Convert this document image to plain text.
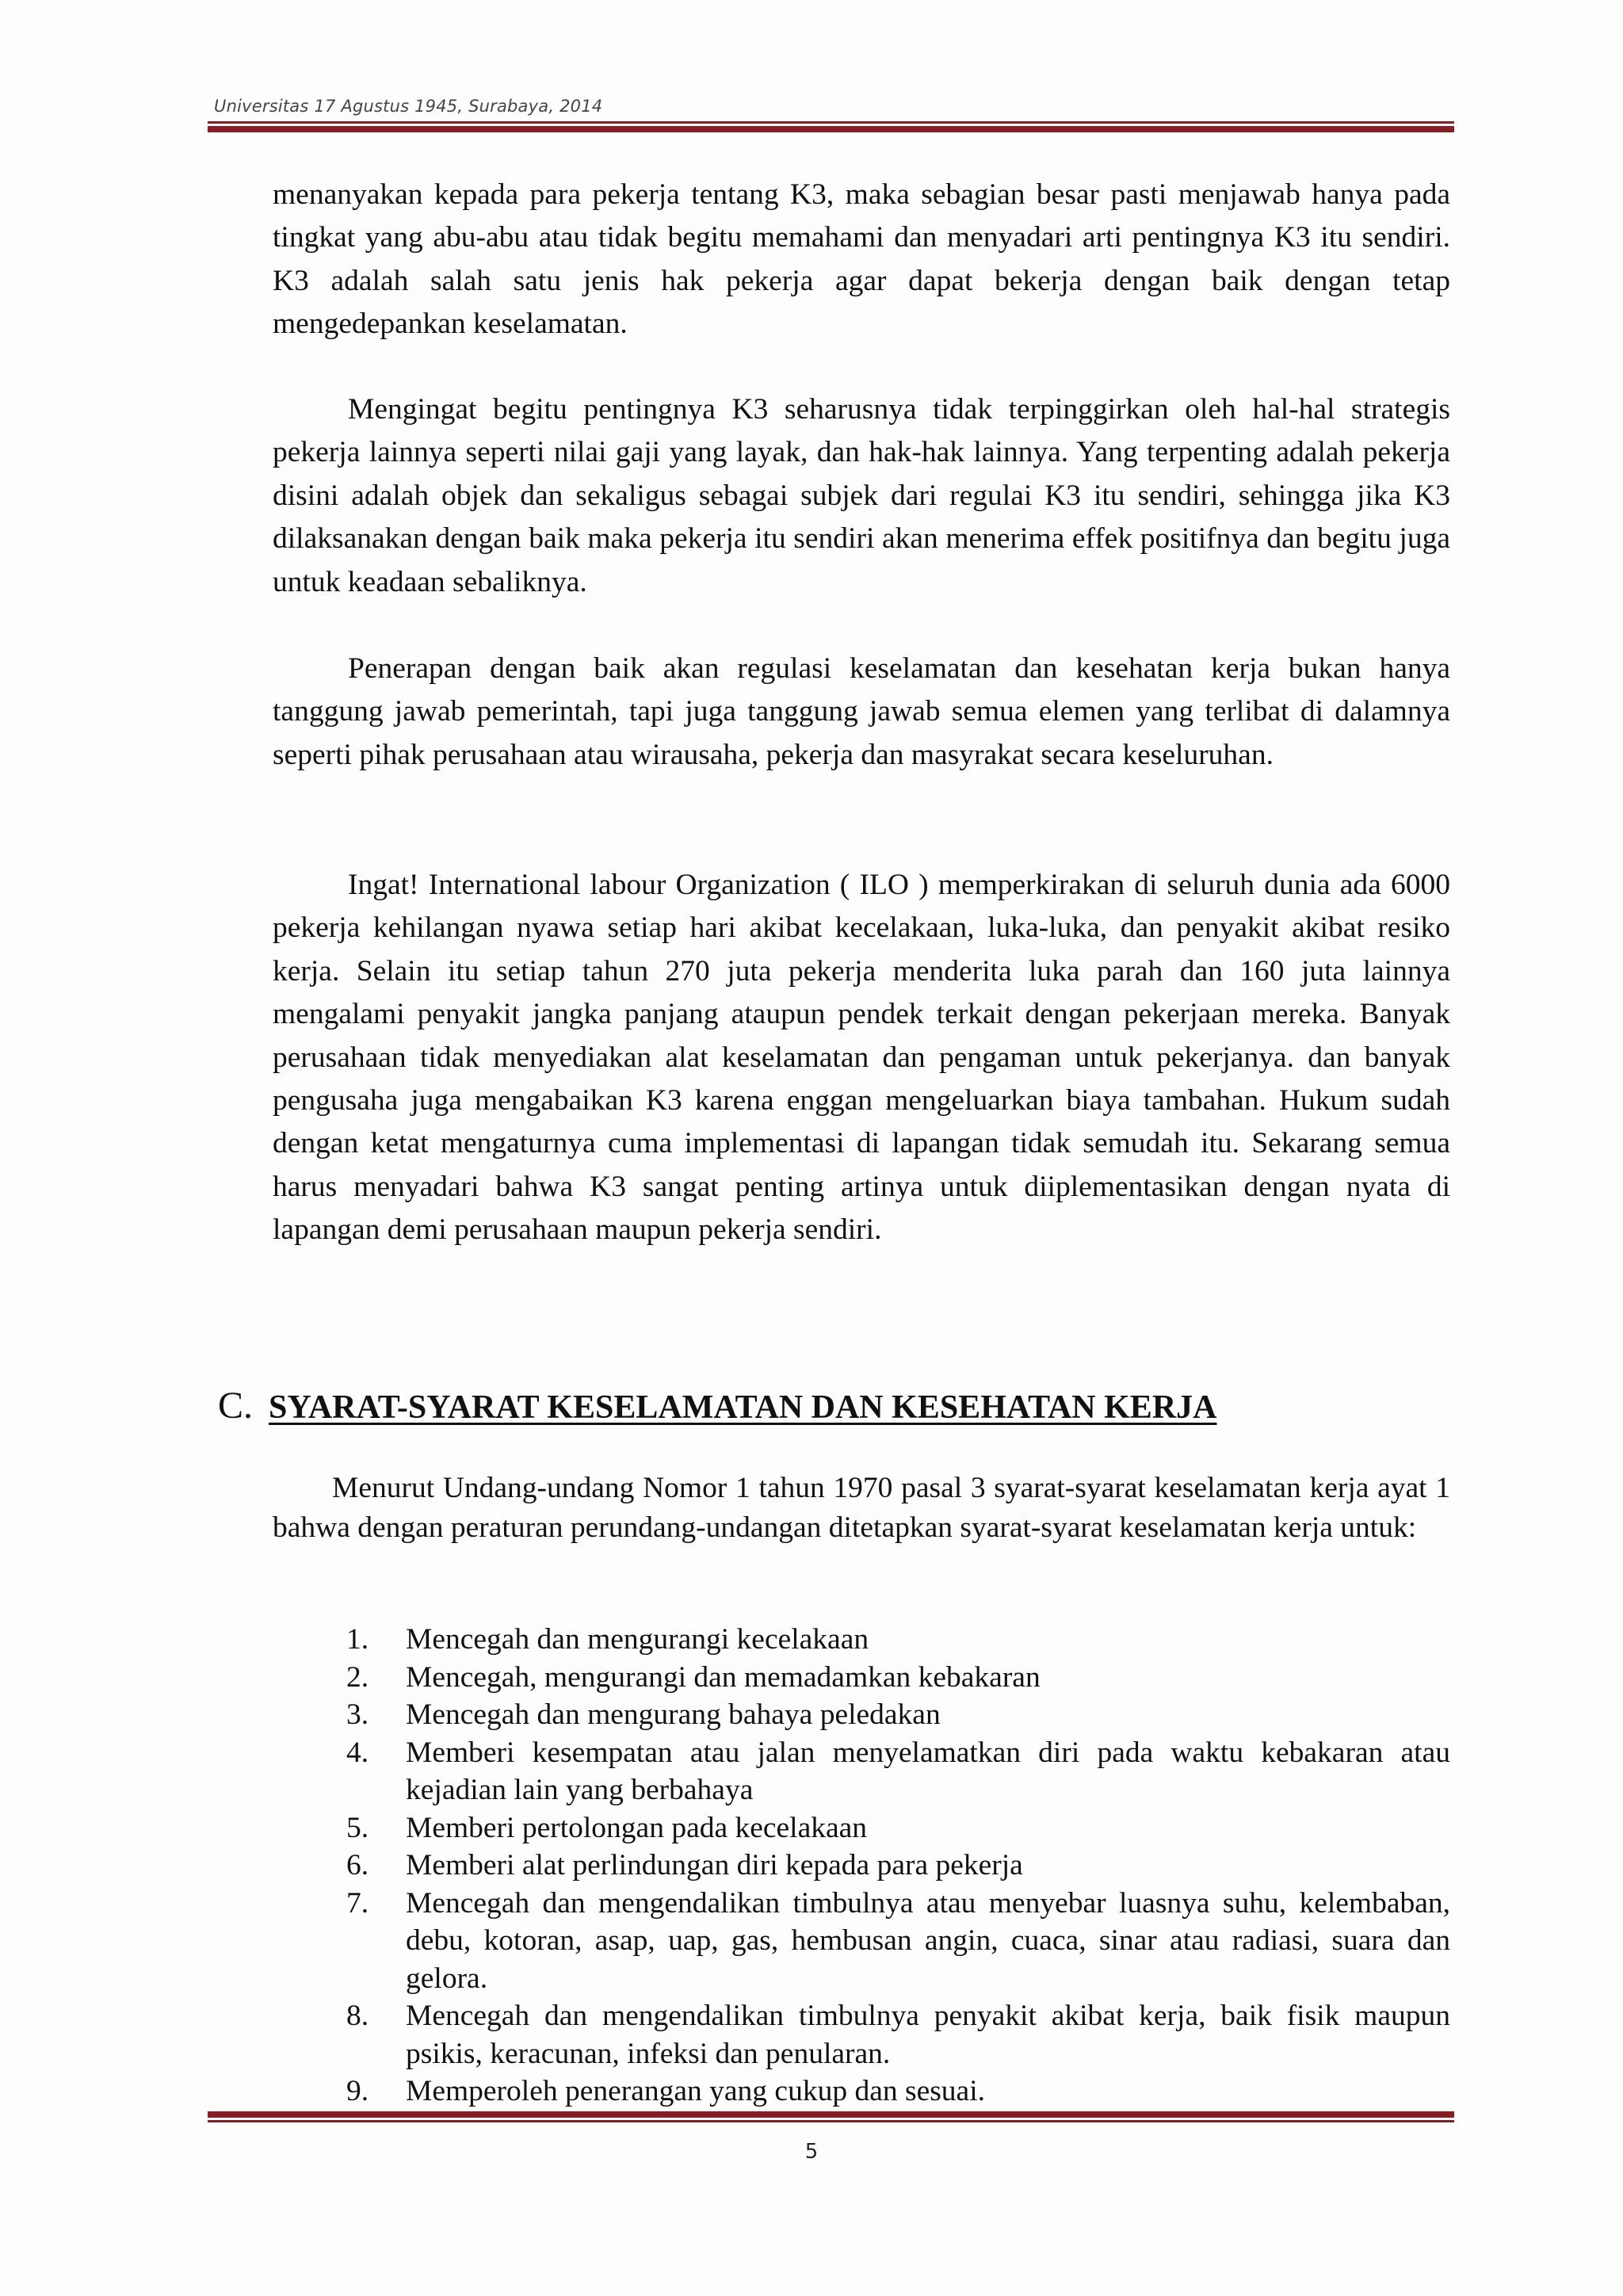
Universitas 17 Agustus 1945, Surabaya, 2014

menanyakan kepada para pekerja tentang K3, maka sebagian besar pasti menjawab hanya pada tingkat yang abu-abu atau tidak begitu memahami dan menyadari arti pentingnya K3 itu sendiri. K3 adalah salah satu jenis hak pekerja agar dapat bekerja dengan baik dengan tetap mengedepankan keselamatan.

Mengingat begitu pentingnya K3 seharusnya tidak terpinggirkan oleh hal-hal strategis pekerja lainnya seperti nilai gaji yang layak, dan hak-hak lainnya. Yang terpenting adalah pekerja disini adalah objek dan sekaligus sebagai subjek dari regulai K3 itu sendiri, sehingga jika K3 dilaksanakan dengan baik maka pekerja itu sendiri akan menerima effek positifnya dan begitu juga untuk keadaan sebaliknya.

Penerapan dengan baik akan regulasi keselamatan dan kesehatan kerja bukan hanya tanggung jawab pemerintah, tapi juga tanggung jawab semua elemen yang terlibat di dalamnya seperti pihak perusahaan atau wirausaha, pekerja dan masyrakat secara keseluruhan.

Ingat! International labour Organization ( ILO ) memperkirakan di seluruh dunia ada 6000 pekerja kehilangan nyawa setiap hari akibat kecelakaan, luka-luka, dan penyakit akibat resiko kerja. Selain itu setiap tahun 270 juta pekerja menderita luka parah dan 160 juta lainnya mengalami penyakit jangka panjang ataupun pendek terkait dengan pekerjaan mereka. Banyak perusahaan tidak menyediakan alat keselamatan dan pengaman untuk pekerjanya. dan banyak pengusaha juga mengabaikan K3 karena enggan mengeluarkan biaya tambahan. Hukum sudah dengan ketat mengaturnya cuma implementasi di lapangan tidak semudah itu. Sekarang semua harus menyadari bahwa K3 sangat penting artinya untuk diiplementasikan dengan nyata di lapangan demi perusahaan maupun pekerja sendiri.

C. SYARAT-SYARAT KESELAMATAN DAN KESEHATAN KERJA

Menurut Undang-undang Nomor 1 tahun 1970 pasal 3 syarat-syarat keselamatan kerja ayat 1 bahwa dengan peraturan perundang-undangan ditetapkan syarat-syarat keselamatan kerja untuk:

1. Mencegah dan mengurangi kecelakaan
2. Mencegah, mengurangi dan memadamkan kebakaran
3. Mencegah dan mengurang bahaya peledakan
4. Memberi kesempatan atau jalan menyelamatkan diri pada waktu kebakaran atau kejadian lain yang berbahaya
5. Memberi pertolongan pada kecelakaan
6. Memberi alat perlindungan diri kepada para pekerja
7. Mencegah dan mengendalikan timbulnya atau menyebar luasnya suhu, kelembaban, debu, kotoran, asap, uap, gas, hembusan angin, cuaca, sinar atau radiasi, suara dan gelora.
8. Mencegah dan mengendalikan timbulnya penyakit akibat kerja, baik fisik maupun psikis, keracunan, infeksi dan penularan.
9. Memperoleh penerangan yang cukup dan sesuai.
5
